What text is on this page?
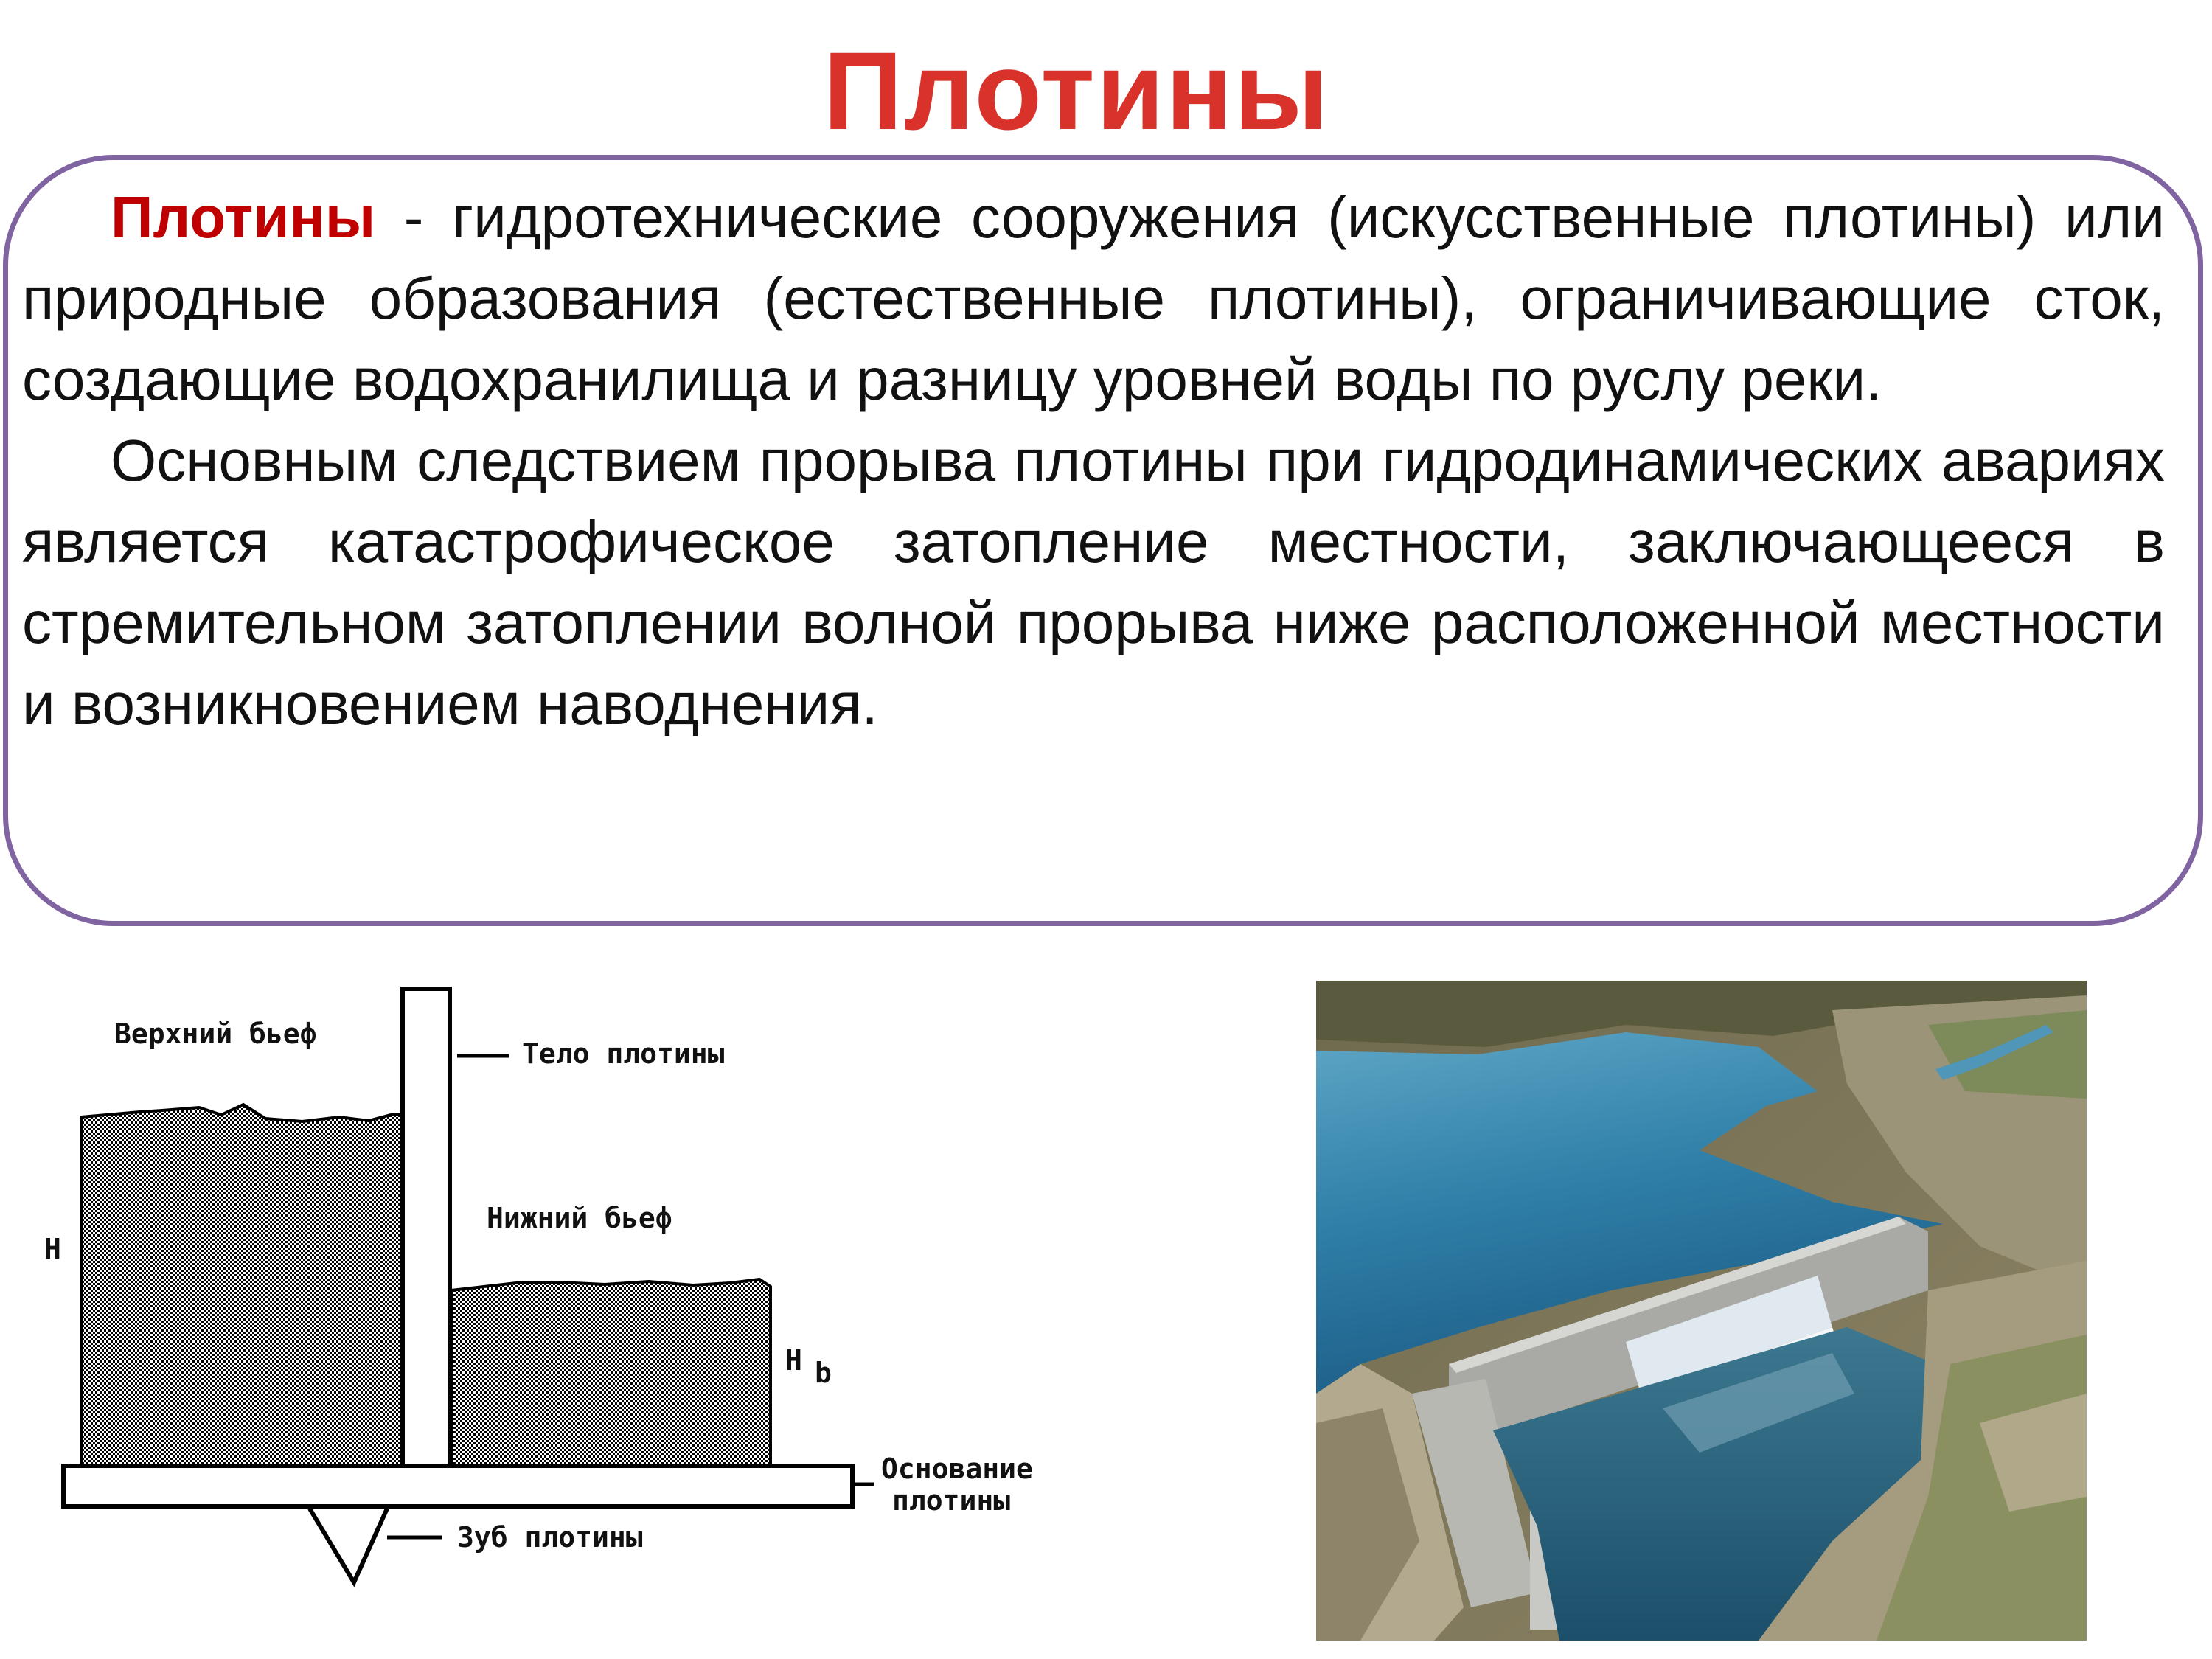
Плотины

Плотины - гидротехнические сооружения (искусственные плотины) или природные образования (естественные плотины), ограничивающие сток, создающие водохранилища и разницу уровней воды по руслу реки.

Основным следствием прорыва плотины при гидродинамических авариях является катастрофическое затопление местности, заключающееся в стремительном затоплении волной прорыва ниже расположенной местности и возникновением наводнения.

Верхний бьеф
Тело плотины
Нижний бьеф
Н
Н b
Основание
плотины
Зуб плотины
